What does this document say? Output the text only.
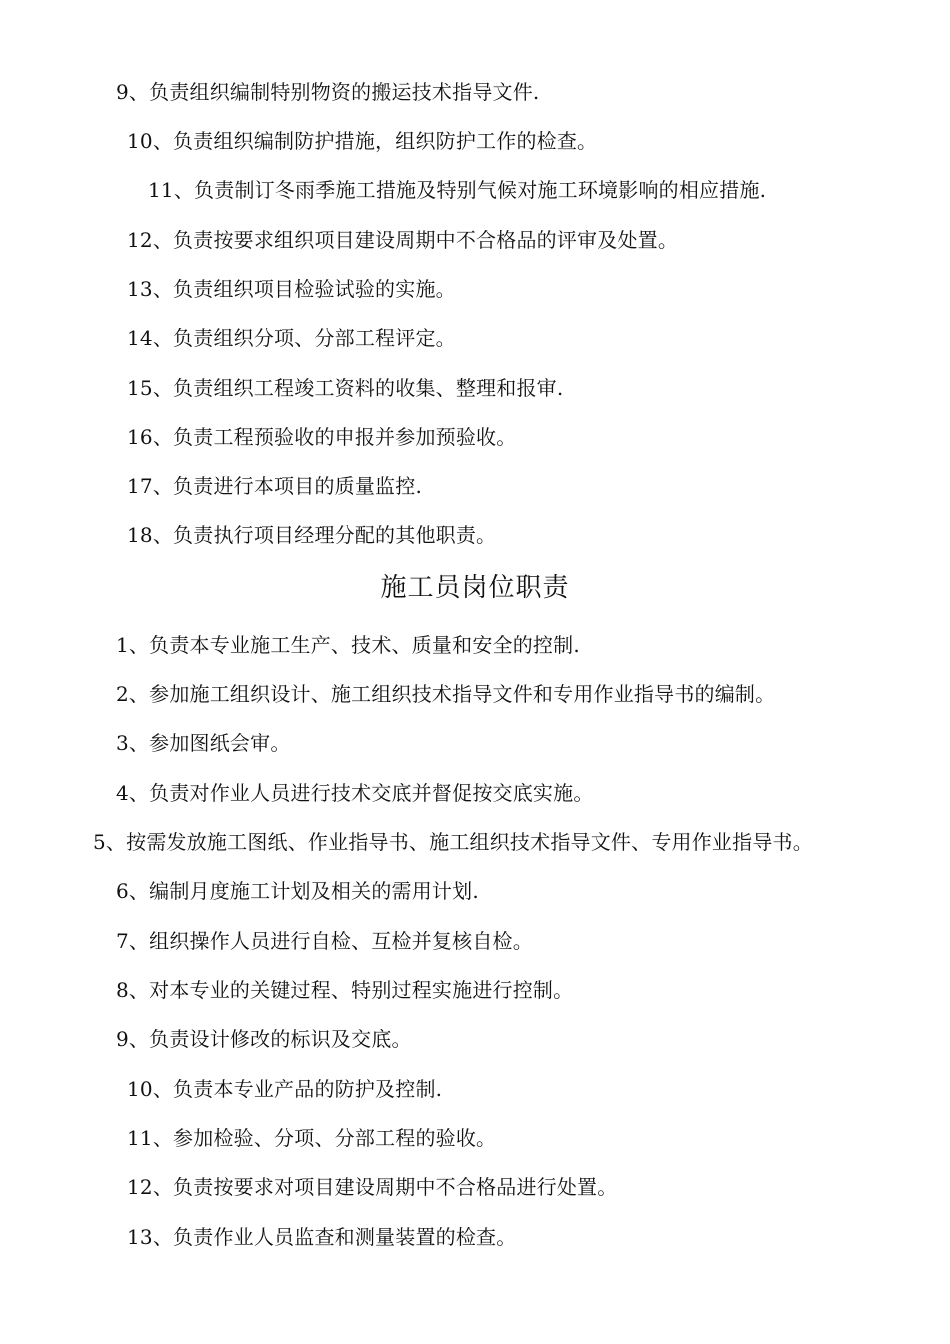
9、负责组织编制特别物资的搬运技术指导文件.
10、负责组织编制防护措施，组织防护工作的检查。
11、负责制订冬雨季施工措施及特别气候对施工环境影响的相应措施.
12、负责按要求组织项目建设周期中不合格品的评审及处置。
13、负责组织项目检验试验的实施。
14、负责组织分项、分部工程评定。
15、负责组织工程竣工资料的收集、整理和报审.
16、负责工程预验收的申报并参加预验收。
17、负责进行本项目的质量监控.
18、负责执行项目经理分配的其他职责。
施工员岗位职责
1、负责本专业施工生产、技术、质量和安全的控制.
2、参加施工组织设计、施工组织技术指导文件和专用作业指导书的编制。
3、参加图纸会审。
4、负责对作业人员进行技术交底并督促按交底实施。
5、按需发放施工图纸、作业指导书、施工组织技术指导文件、专用作业指导书。
6、编制月度施工计划及相关的需用计划.
7、组织操作人员进行自检、互检并复核自检。
8、对本专业的关键过程、特别过程实施进行控制。
9、负责设计修改的标识及交底。
10、负责本专业产品的防护及控制.
11、参加检验、分项、分部工程的验收。
12、负责按要求对项目建设周期中不合格品进行处置。
13、负责作业人员监查和测量装置的检查。
